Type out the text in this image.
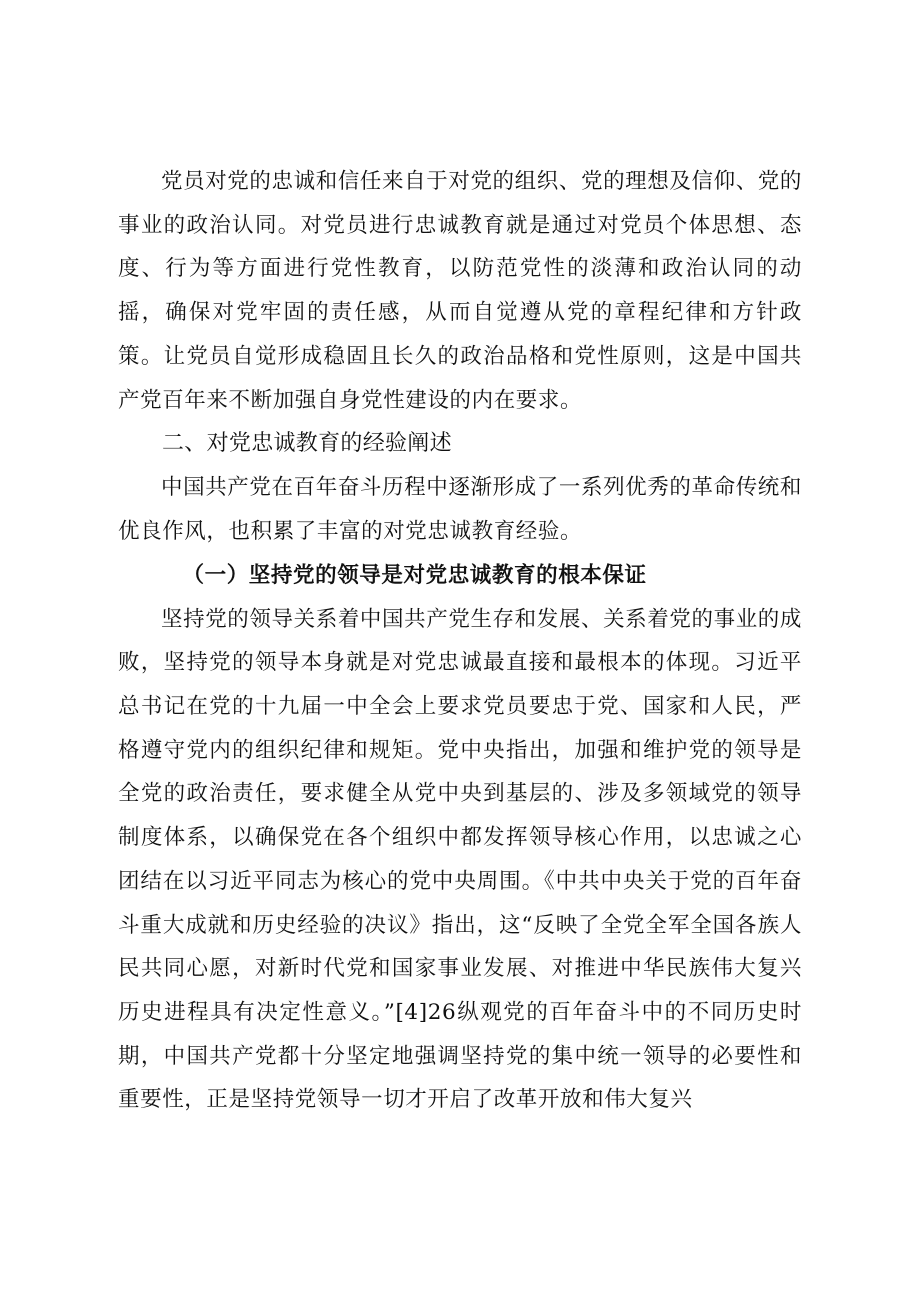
党员对党的忠诚和信任来自于对党的组织、党的理想及信仰、党的事业的政治认同。对党员进行忠诚教育就是通过对党员个体思想、态度、行为等方面进行党性教育，以防范党性的淡薄和政治认同的动摇，确保对党牢固的责任感，从而自觉遵从党的章程纪律和方针政策。让党员自觉形成稳固且长久的政治品格和党性原则，这是中国共产党百年来不断加强自身党性建设的内在要求。

二、对党忠诚教育的经验阐述

中国共产党在百年奋斗历程中逐渐形成了一系列优秀的革命传统和优良作风，也积累了丰富的对党忠诚教育经验。

（一）坚持党的领导是对党忠诚教育的根本保证

坚持党的领导关系着中国共产党生存和发展、关系着党的事业的成败，坚持党的领导本身就是对党忠诚最直接和最根本的体现。习近平总书记在党的十九届一中全会上要求党员要忠于党、国家和人民，严格遵守党内的组织纪律和规矩。党中央指出，加强和维护党的领导是全党的政治责任，要求健全从党中央到基层的、涉及多领域党的领导制度体系，以确保党在各个组织中都发挥领导核心作用，以忠诚之心团结在以习近平同志为核心的党中央周围。《中共中央关于党的百年奋斗重大成就和历史经验的决议》指出，这“反映了全党全军全国各族人民共同心愿，对新时代党和国家事业发展、对推进中华民族伟大复兴历史进程具有决定性意义。”[4]26纵观党的百年奋斗中的不同历史时期，中国共产党都十分坚定地强调坚持党的集中统一领导的必要性和重要性，正是坚持党领导一切才开启了改革开放和伟大复兴
